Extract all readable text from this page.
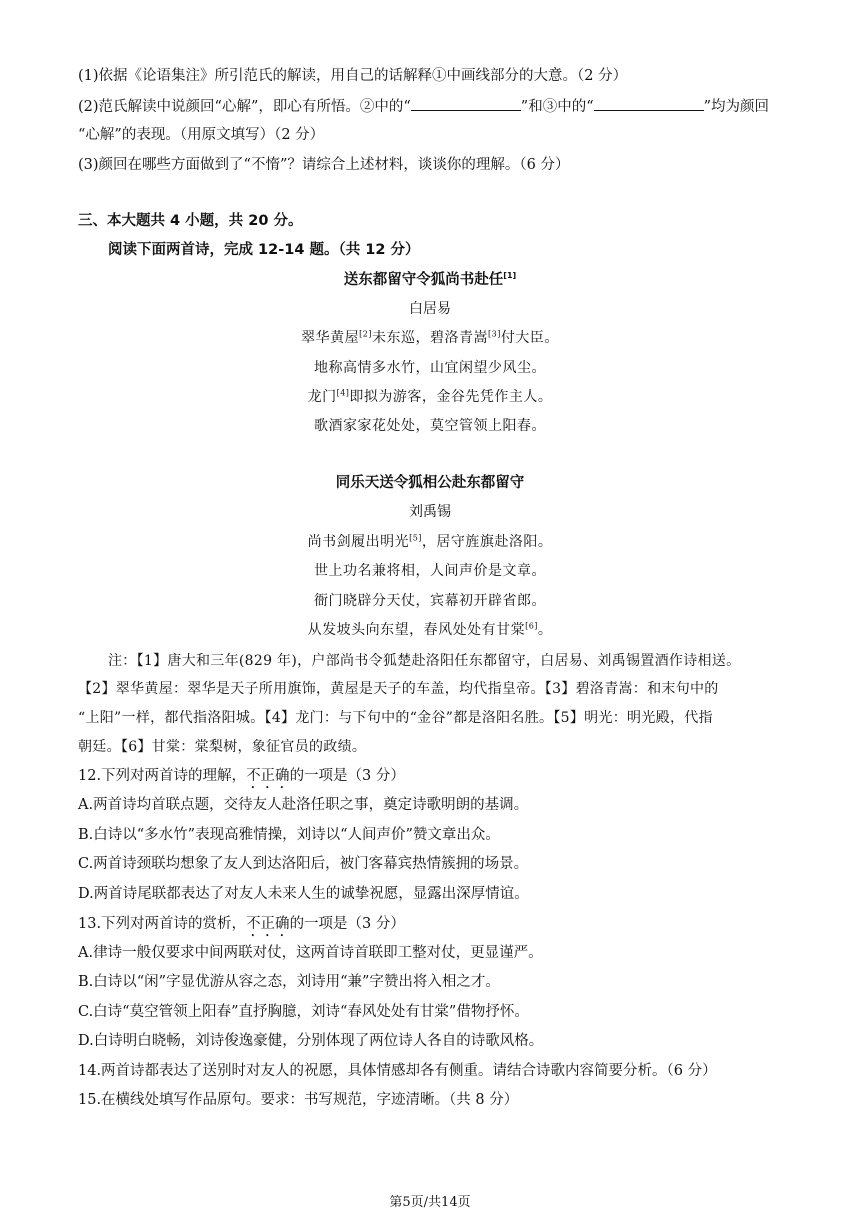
(1)依据《论语集注》所引范氏的解读，用自己的话解释①中画线部分的大意。（2 分）
(2)范氏解读中说颜回“心解”，即心有所悟。②中的“	”和③中的“	”均为颜回
“心解”的表现。（用原文填写）（2 分）
(3)颜回在哪些方面做到了“不惰”？请综合上述材料，谈谈你的理解。（6 分）
三、本大题共 4 小题，共 20 分。
阅读下面两首诗，完成 12-14 题。（共 12 分）
送东都留守令狐尚书赴任[1]
白居易
翠华黄屋[2]未东巡，碧洛青嵩[3]付大臣。
地称高情多水竹，山宜闲望少风尘。
龙门[4]即拟为游客，金谷先凭作主人。
歌酒家家花处处，莫空管领上阳春。
同乐天送令狐相公赴东都留守
刘禹锡
尚书剑履出明光[5]，居守旌旗赴洛阳。
世上功名兼将相，人间声价是文章。
衙门晓辟分天仗，宾幕初开辟省郎。
从发坡头向东望，春风处处有甘棠[6]。
注：【1】唐大和三年(829 年)，户部尚书令狐楚赴洛阳任东都留守，白居易、刘禹锡置酒作诗相送。
【2】翠华黄屋：翠华是天子所用旗饰，黄屋是天子的车盖，均代指皇帝。【3】碧洛青嵩：和末句中的
“上阳”一样，都代指洛阳城。【4】龙门：与下句中的“金谷”都是洛阳名胜。【5】明光：明光殿，代指
朝廷。【6】甘棠：棠梨树，象征官员的政绩。
12.下列对两首诗的理解，不正确的一项是（3 分）
A.两首诗均首联点题，交待友人赴洛任职之事，奠定诗歌明朗的基调。
B.白诗以“多水竹”表现高雅情操，刘诗以“人间声价”赞文章出众。
C.两首诗颈联均想象了友人到达洛阳后，被门客幕宾热情簇拥的场景。
D.两首诗尾联都表达了对友人未来人生的诚挚祝愿，显露出深厚情谊。
13.下列对两首诗的赏析，不正确的一项是（3 分）
A.律诗一般仅要求中间两联对仗，这两首诗首联即工整对仗，更显谨严。
B.白诗以“闲”字显优游从容之态，刘诗用“兼”字赞出将入相之才。
C.白诗“莫空管领上阳春”直抒胸臆，刘诗“春风处处有甘棠”借物抒怀。
D.白诗明白晓畅，刘诗俊逸豪健，分别体现了两位诗人各自的诗歌风格。
14.两首诗都表达了送别时对友人的祝愿，具体情感却各有侧重。请结合诗歌内容简要分析。（6 分）
15.在横线处填写作品原句。要求：书写规范，字迹清晰。（共 8 分）
第5页/共14页
